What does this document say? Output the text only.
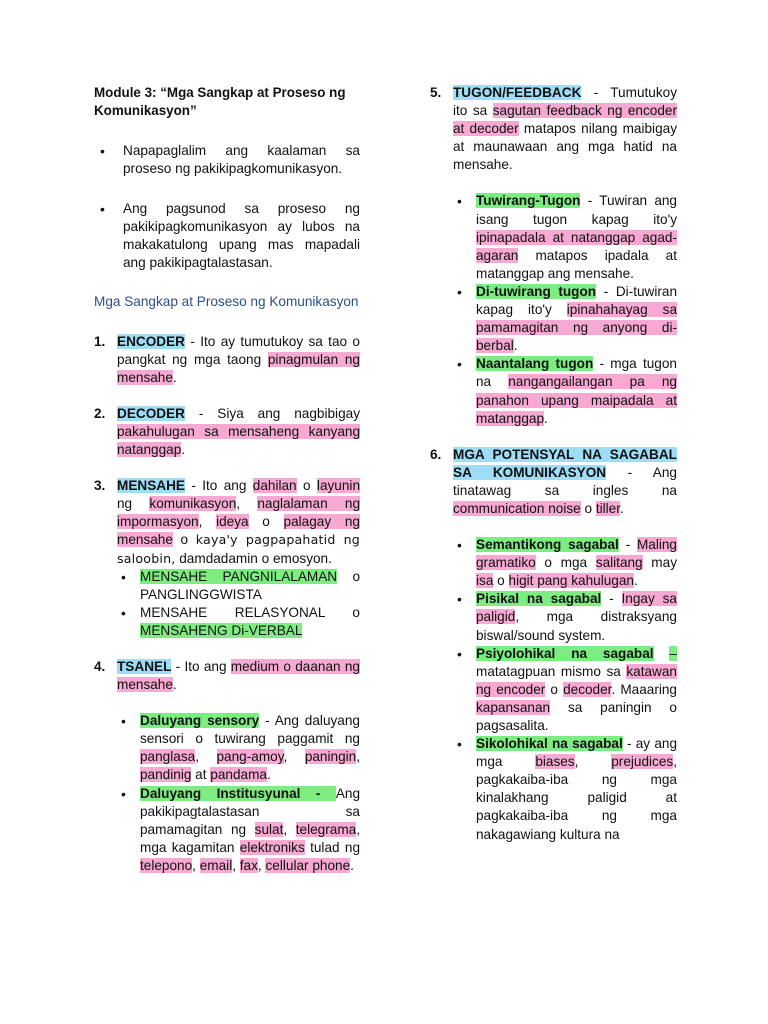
Module 3: “Mga Sangkap at Proseso ng Komunikasyon”

•	Napapaglalim ang kaalaman sa proseso ng pakikipagkomunikasyon.
•	Ang pagsunod sa proseso ng pakikipagkomunikasyon ay lubos na makakatulong upang mas mapadali ang pakikipagtalastasan.

Mga Sangkap at Proseso ng Komunikasyon

1. ENCODER - Ito ay tumutukoy sa tao o pangkat ng mga taong pinagmulan ng mensahe.
2. DECODER - Siya ang nagbibigay pakahulugan sa mensaheng kanyang natanggap.
3. MENSAHE - Ito ang dahilan o layunin ng komunikasyon, naglalaman ng impormasyon, ideya o palagay ng mensahe o kaya'y pagpapahatid ng saloobin, damdadamin o emosyon.
•	MENSAHE PANGNILALAMAN o PANGLINGGWISTA
•	MENSAHE RELASYONAL o MENSAHENG Di-VERBAL
4. TSANEL - Ito ang medium o daanan ng mensahe.
•	Daluyang sensory - Ang daluyang sensori o tuwirang paggamit ng panglasa, pang-amoy, paningin, pandinig at pandama.
•	Daluyang Institusyunal - Ang pakikipagtalastasan sa pamamagitan ng sulat, telegrama, mga kagamitan elektroniks tulad ng telepono, email, fax, cellular phone.
5. TUGON/FEEDBACK - Tumutukoy ito sa sagutan feedback ng encoder at decoder matapos nilang maibigay at maunawaan ang mga hatid na mensahe.
•	Tuwirang-Tugon - Tuwiran ang isang tugon kapag ito'y ipinapadala at natanggap agad-agaran matapos ipadala at matanggap ang mensahe.
•	Di-tuwirang tugon - Di-tuwiran kapag ito'y ipinahahayag sa pamamagitan ng anyong di-berbal.
•	Naantalang tugon - mga tugon na nangangailangan pa ng panahon upang maipadala at matanggap.
6. MGA POTENSYAL NA SAGABAL SA KOMUNIKASYON - Ang tinatawag sa ingles na communication noise o tiller.
•	Semantikong sagabal - Maling gramatiko o mga salitang may isa o higit pang kahulugan.
•	Pisikal na sagabal - Ingay sa paligid, mga distraksyang biswal/sound system.
•	Psiyolohikal na sagabal – matatagpuan mismo sa katawan ng encoder o decoder. Maaaring kapansanan sa paningin o pagsasalita.
•	Sikolohikal na sagabal - ay ang mga biases, prejudices, pagkakaiba-iba ng mga kinalakhang paligid at pagkakaiba-iba ng mga nakagawiang kultura na
